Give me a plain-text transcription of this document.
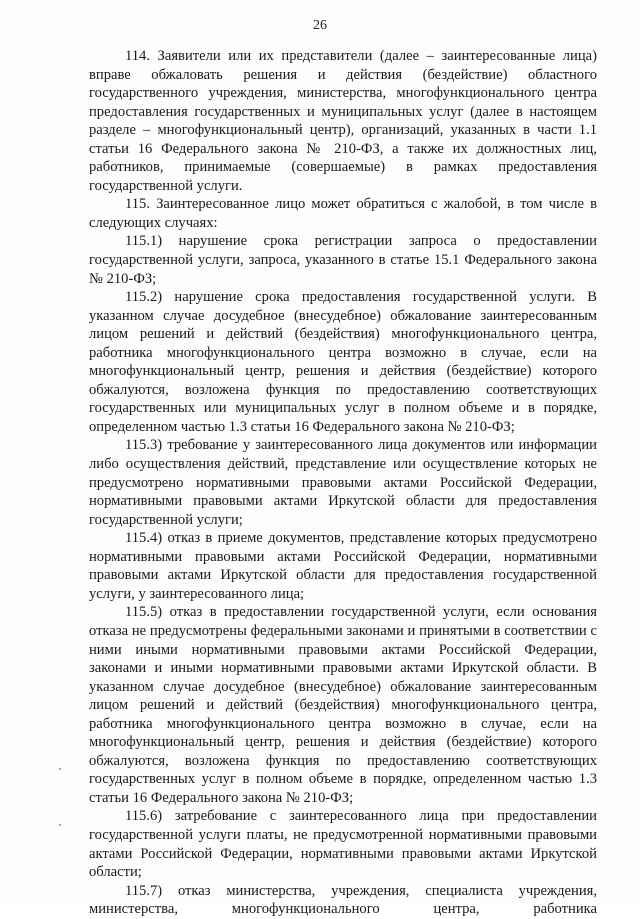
26

114. Заявители или их представители (далее – заинтересованные лица) вправе обжаловать решения и действия (бездействие) областного государственного учреждения, министерства, многофункционального центра предоставления государственных и муниципальных услуг (далее в настоящем разделе – многофункциональный центр), организаций, указанных в части 1.1 статьи 16 Федерального закона № 210-ФЗ, а также их должностных лиц, работников, принимаемые (совершаемые) в рамках предоставления государственной услуги.

115. Заинтересованное лицо может обратиться с жалобой, в том числе в следующих случаях:

115.1) нарушение срока регистрации запроса о предоставлении государственной услуги, запроса, указанного в статье 15.1 Федерального закона № 210-ФЗ;

115.2) нарушение срока предоставления государственной услуги. В указанном случае досудебное (внесудебное) обжалование заинтересованным лицом решений и действий (бездействия) многофункционального центра, работника многофункционального центра возможно в случае, если на многофункциональный центр, решения и действия (бездействие) которого обжалуются, возложена функция по предоставлению соответствующих государственных или муниципальных услуг в полном объеме и в порядке, определенном частью 1.3 статьи 16 Федерального закона № 210-ФЗ;

115.3) требование у заинтересованного лица документов или информации либо осуществления действий, представление или осуществление которых не предусмотрено нормативными правовыми актами Российской Федерации, нормативными правовыми актами Иркутской области для предоставления государственной услуги;

115.4) отказ в приеме документов, представление которых предусмотрено нормативными правовыми актами Российской Федерации, нормативными правовыми актами Иркутской области для предоставления государственной услуги, у заинтересованного лица;

115.5) отказ в предоставлении государственной услуги, если основания отказа не предусмотрены федеральными законами и принятыми в соответствии с ними иными нормативными правовыми актами Российской Федерации, законами и иными нормативными правовыми актами Иркутской области. В указанном случае досудебное (внесудебное) обжалование заинтересованным лицом решений и действий (бездействия) многофункционального центра, работника многофункционального центра возможно в случае, если на многофункциональный центр, решения и действия (бездействие) которого обжалуются, возложена функция по предоставлению соответствующих государственных услуг в полном объеме в порядке, определенном частью 1.3 статьи 16 Федерального закона № 210-ФЗ;

115.6) затребование с заинтересованного лица при предоставлении государственной услуги платы, не предусмотренной нормативными правовыми актами Российской Федерации, нормативными правовыми актами Иркутской области;

115.7) отказ министерства, учреждения, специалиста учреждения, министерства, многофункционального центра, работника
